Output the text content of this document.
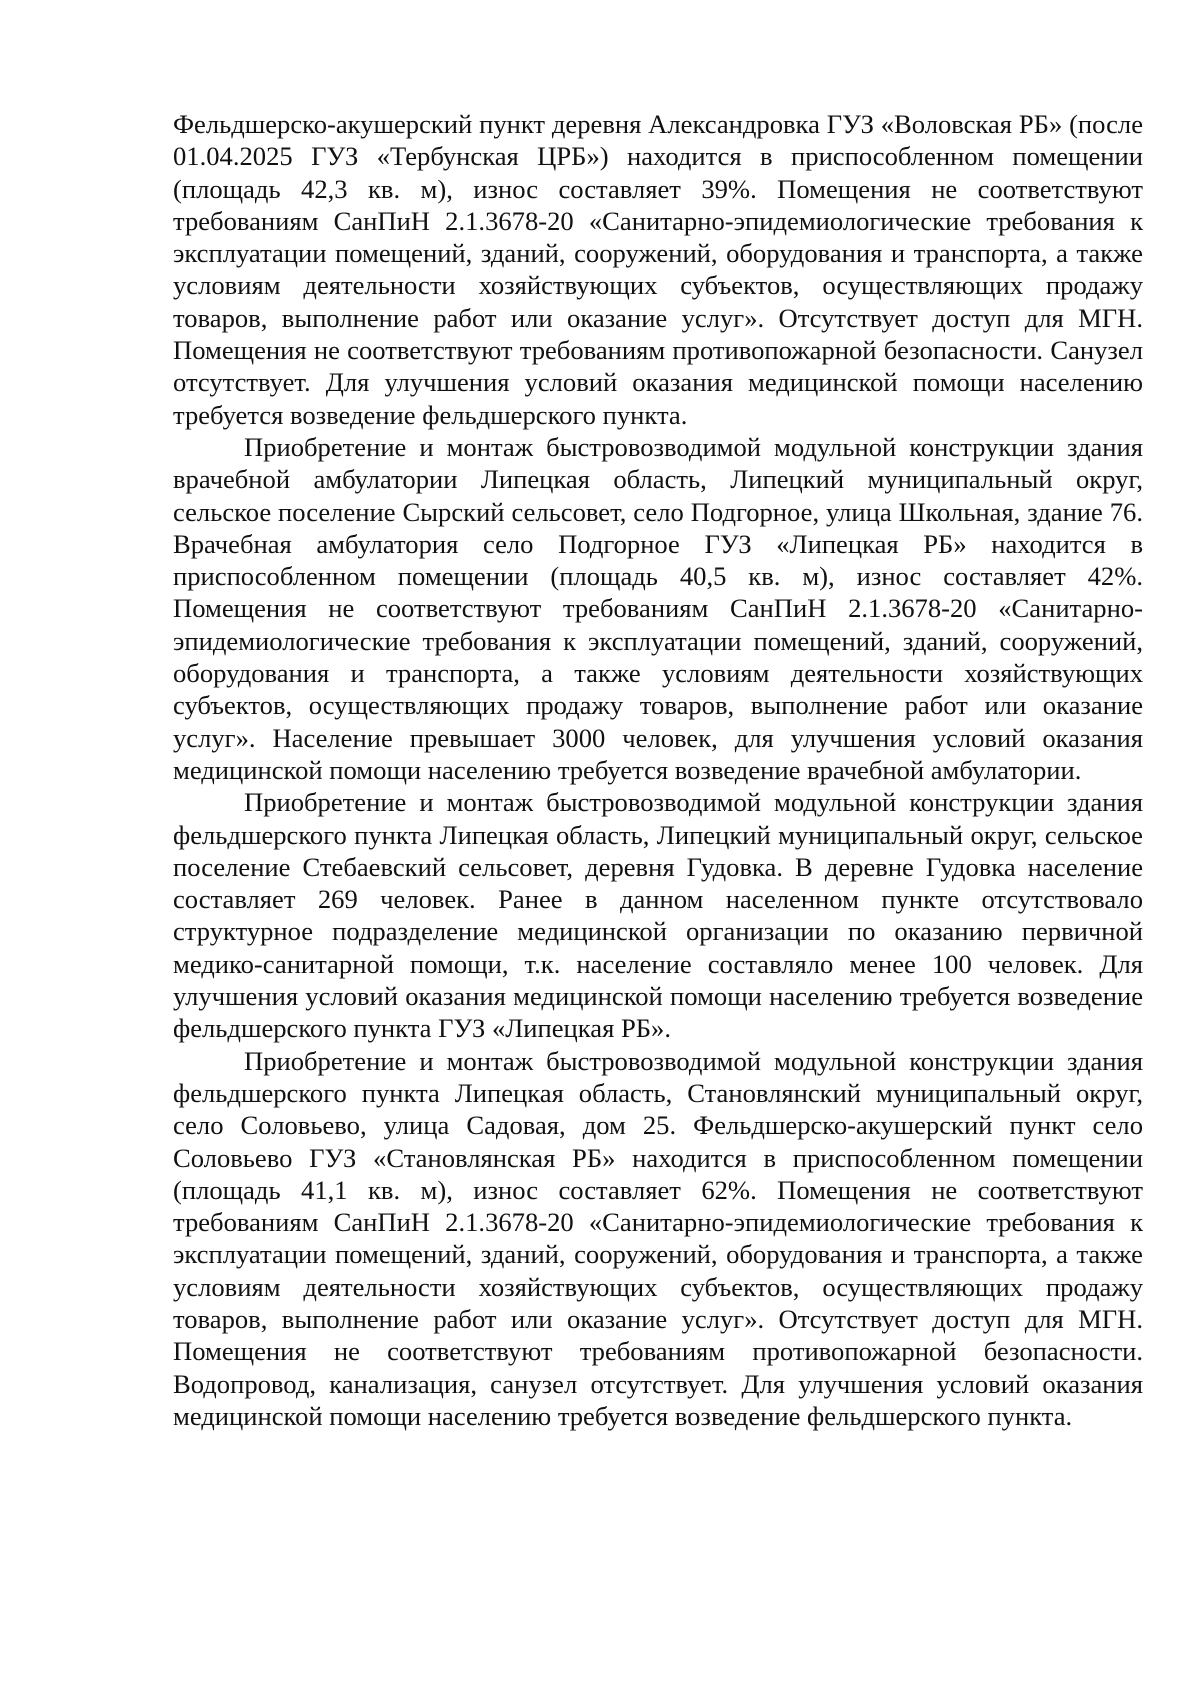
Фельдшерско-акушерский пункт деревня Александровка ГУЗ «Воловская РБ» (после 01.04.2025 ГУЗ «Тербунская ЦРБ») находится в приспособленном помещении (площадь 42,3 кв. м), износ составляет 39%. Помещения не соответствуют требованиям СанПиН 2.1.3678-20 «Санитарно-эпидемиологические требования к эксплуатации помещений, зданий, сооружений, оборудования и транспорта, а также условиям деятельности хозяйствующих субъектов, осуществляющих продажу товаров, выполнение работ или оказание услуг». Отсутствует доступ для МГН. Помещения не соответствуют требованиям противопожарной безопасности. Санузел отсутствует. Для улучшения условий оказания медицинской помощи населению требуется возведение фельдшерского пункта.

Приобретение и монтаж быстровозводимой модульной конструкции здания врачебной амбулатории Липецкая область, Липецкий муниципальный округ, сельское поселение Сырский сельсовет, село Подгорное, улица Школьная, здание 76. Врачебная амбулатория село Подгорное ГУЗ «Липецкая РБ» находится в приспособленном помещении (площадь 40,5 кв. м), износ составляет 42%. Помещения не соответствуют требованиям СанПиН 2.1.3678-20 «Санитарно-эпидемиологические требования к эксплуатации помещений, зданий, сооружений, оборудования и транспорта, а также условиям деятельности хозяйствующих субъектов, осуществляющих продажу товаров, выполнение работ или оказание услуг». Население превышает 3000 человек, для улучшения условий оказания медицинской помощи населению требуется возведение врачебной амбулатории.

Приобретение и монтаж быстровозводимой модульной конструкции здания фельдшерского пункта Липецкая область, Липецкий муниципальный округ, сельское поселение Стебаевский сельсовет, деревня Гудовка. В деревне Гудовка население составляет 269 человек. Ранее в данном населенном пункте отсутствовало структурное подразделение медицинской организации по оказанию первичной медико-санитарной помощи, т.к. население составляло менее 100 человек. Для улучшения условий оказания медицинской помощи населению требуется возведение фельдшерского пункта ГУЗ «Липецкая РБ».

Приобретение и монтаж быстровозводимой модульной конструкции здания фельдшерского пункта Липецкая область, Становлянский муниципальный округ, село Соловьево, улица Садовая, дом 25. Фельдшерско-акушерский пункт село Соловьево ГУЗ «Становлянская РБ» находится в приспособленном помещении (площадь 41,1 кв. м), износ составляет 62%. Помещения не соответствуют требованиям СанПиН 2.1.3678-20 «Санитарно-эпидемиологические требования к эксплуатации помещений, зданий, сооружений, оборудования и транспорта, а также условиям деятельности хозяйствующих субъектов, осуществляющих продажу товаров, выполнение работ или оказание услуг». Отсутствует доступ для МГН. Помещения не соответствуют требованиям противопожарной безопасности. Водопровод, канализация, санузел отсутствует. Для улучшения условий оказания медицинской помощи населению требуется возведение фельдшерского пункта.
